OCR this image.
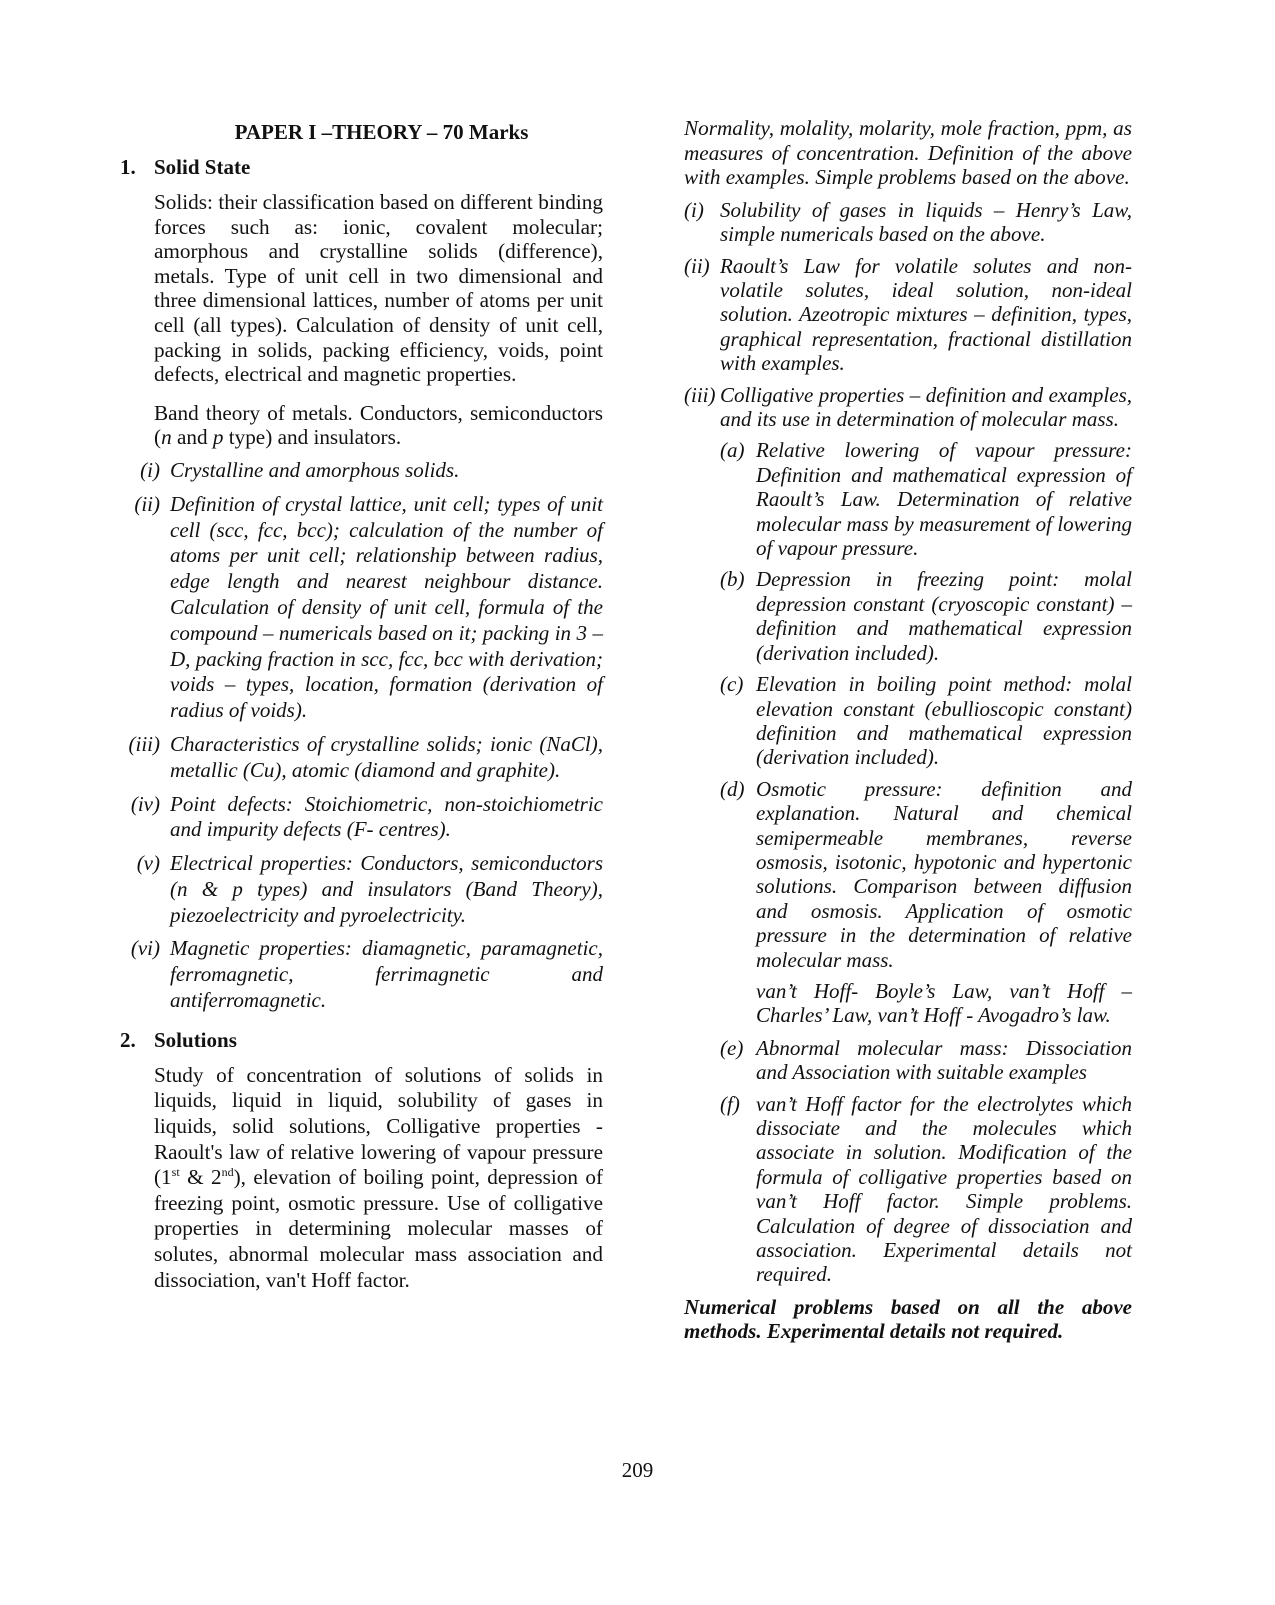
PAPER I –THEORY – 70 Marks
1. Solid State

Solids: their classification based on different binding forces such as: ionic, covalent molecular; amorphous and crystalline solids (difference), metals. Type of unit cell in two dimensional and three dimensional lattices, number of atoms per unit cell (all types). Calculation of density of unit cell, packing in solids, packing efficiency, voids, point defects, electrical and magnetic properties.

Band theory of metals. Conductors, semiconductors (n and p type) and insulators.

(i) Crystalline and amorphous solids.
(ii) Definition of crystal lattice, unit cell; types of unit cell (scc, fcc, bcc); calculation of the number of atoms per unit cell; relationship between radius, edge length and nearest neighbour distance. Calculation of density of unit cell, formula of the compound – numericals based on it; packing in 3 – D, packing fraction in scc, fcc, bcc with derivation; voids – types, location, formation (derivation of radius of voids).
(iii) Characteristics of crystalline solids; ionic (NaCl), metallic (Cu), atomic (diamond and graphite).
(iv) Point defects: Stoichiometric, non-stoichiometric and impurity defects (F- centres).
(v) Electrical properties: Conductors, semiconductors (n & p types) and insulators (Band Theory), piezoelectricity and pyroelectricity.
(vi) Magnetic properties: diamagnetic, paramagnetic, ferromagnetic, ferrimagnetic and antiferromagnetic.
2. Solutions

Study of concentration of solutions of solids in liquids, liquid in liquid, solubility of gases in liquids, solid solutions, Colligative properties - Raoult's law of relative lowering of vapour pressure (1st & 2nd), elevation of boiling point, depression of freezing point, osmotic pressure. Use of colligative properties in determining molecular masses of solutes, abnormal molecular mass association and dissociation, van't Hoff factor.

Normality, molality, molarity, mole fraction, ppm, as measures of concentration. Definition of the above with examples. Simple problems based on the above.

(i) Solubility of gases in liquids – Henry’s Law, simple numericals based on the above.
(ii) Raoult’s Law for volatile solutes and non-volatile solutes, ideal solution, non-ideal solution. Azeotropic mixtures – definition, types, graphical representation, fractional distillation with examples.
(iii) Colligative properties – definition and examples, and its use in determination of molecular mass.
(a) Relative lowering of vapour pressure: Definition and mathematical expression of Raoult’s Law. Determination of relative molecular mass by measurement of lowering of vapour pressure.
(b) Depression in freezing point: molal depression constant (cryoscopic constant) – definition and mathematical expression (derivation included).
(c) Elevation in boiling point method: molal elevation constant (ebullioscopic constant) definition and mathematical expression (derivation included).
(d) Osmotic pressure: definition and explanation. Natural and chemical semipermeable membranes, reverse osmosis, isotonic, hypotonic and hypertonic solutions. Comparison between diffusion and osmosis. Application of osmotic pressure in the determination of relative molecular mass.
van’t Hoff- Boyle’s Law, van’t Hoff – Charles’ Law, van’t Hoff - Avogadro’s law.
(e) Abnormal molecular mass: Dissociation and Association with suitable examples
(f) van’t Hoff factor for the electrolytes which dissociate and the molecules which associate in solution. Modification of the formula of colligative properties based on van’t Hoff factor. Simple problems. Calculation of degree of dissociation and association. Experimental details not required.
Numerical problems based on all the above methods. Experimental details not required.
209
